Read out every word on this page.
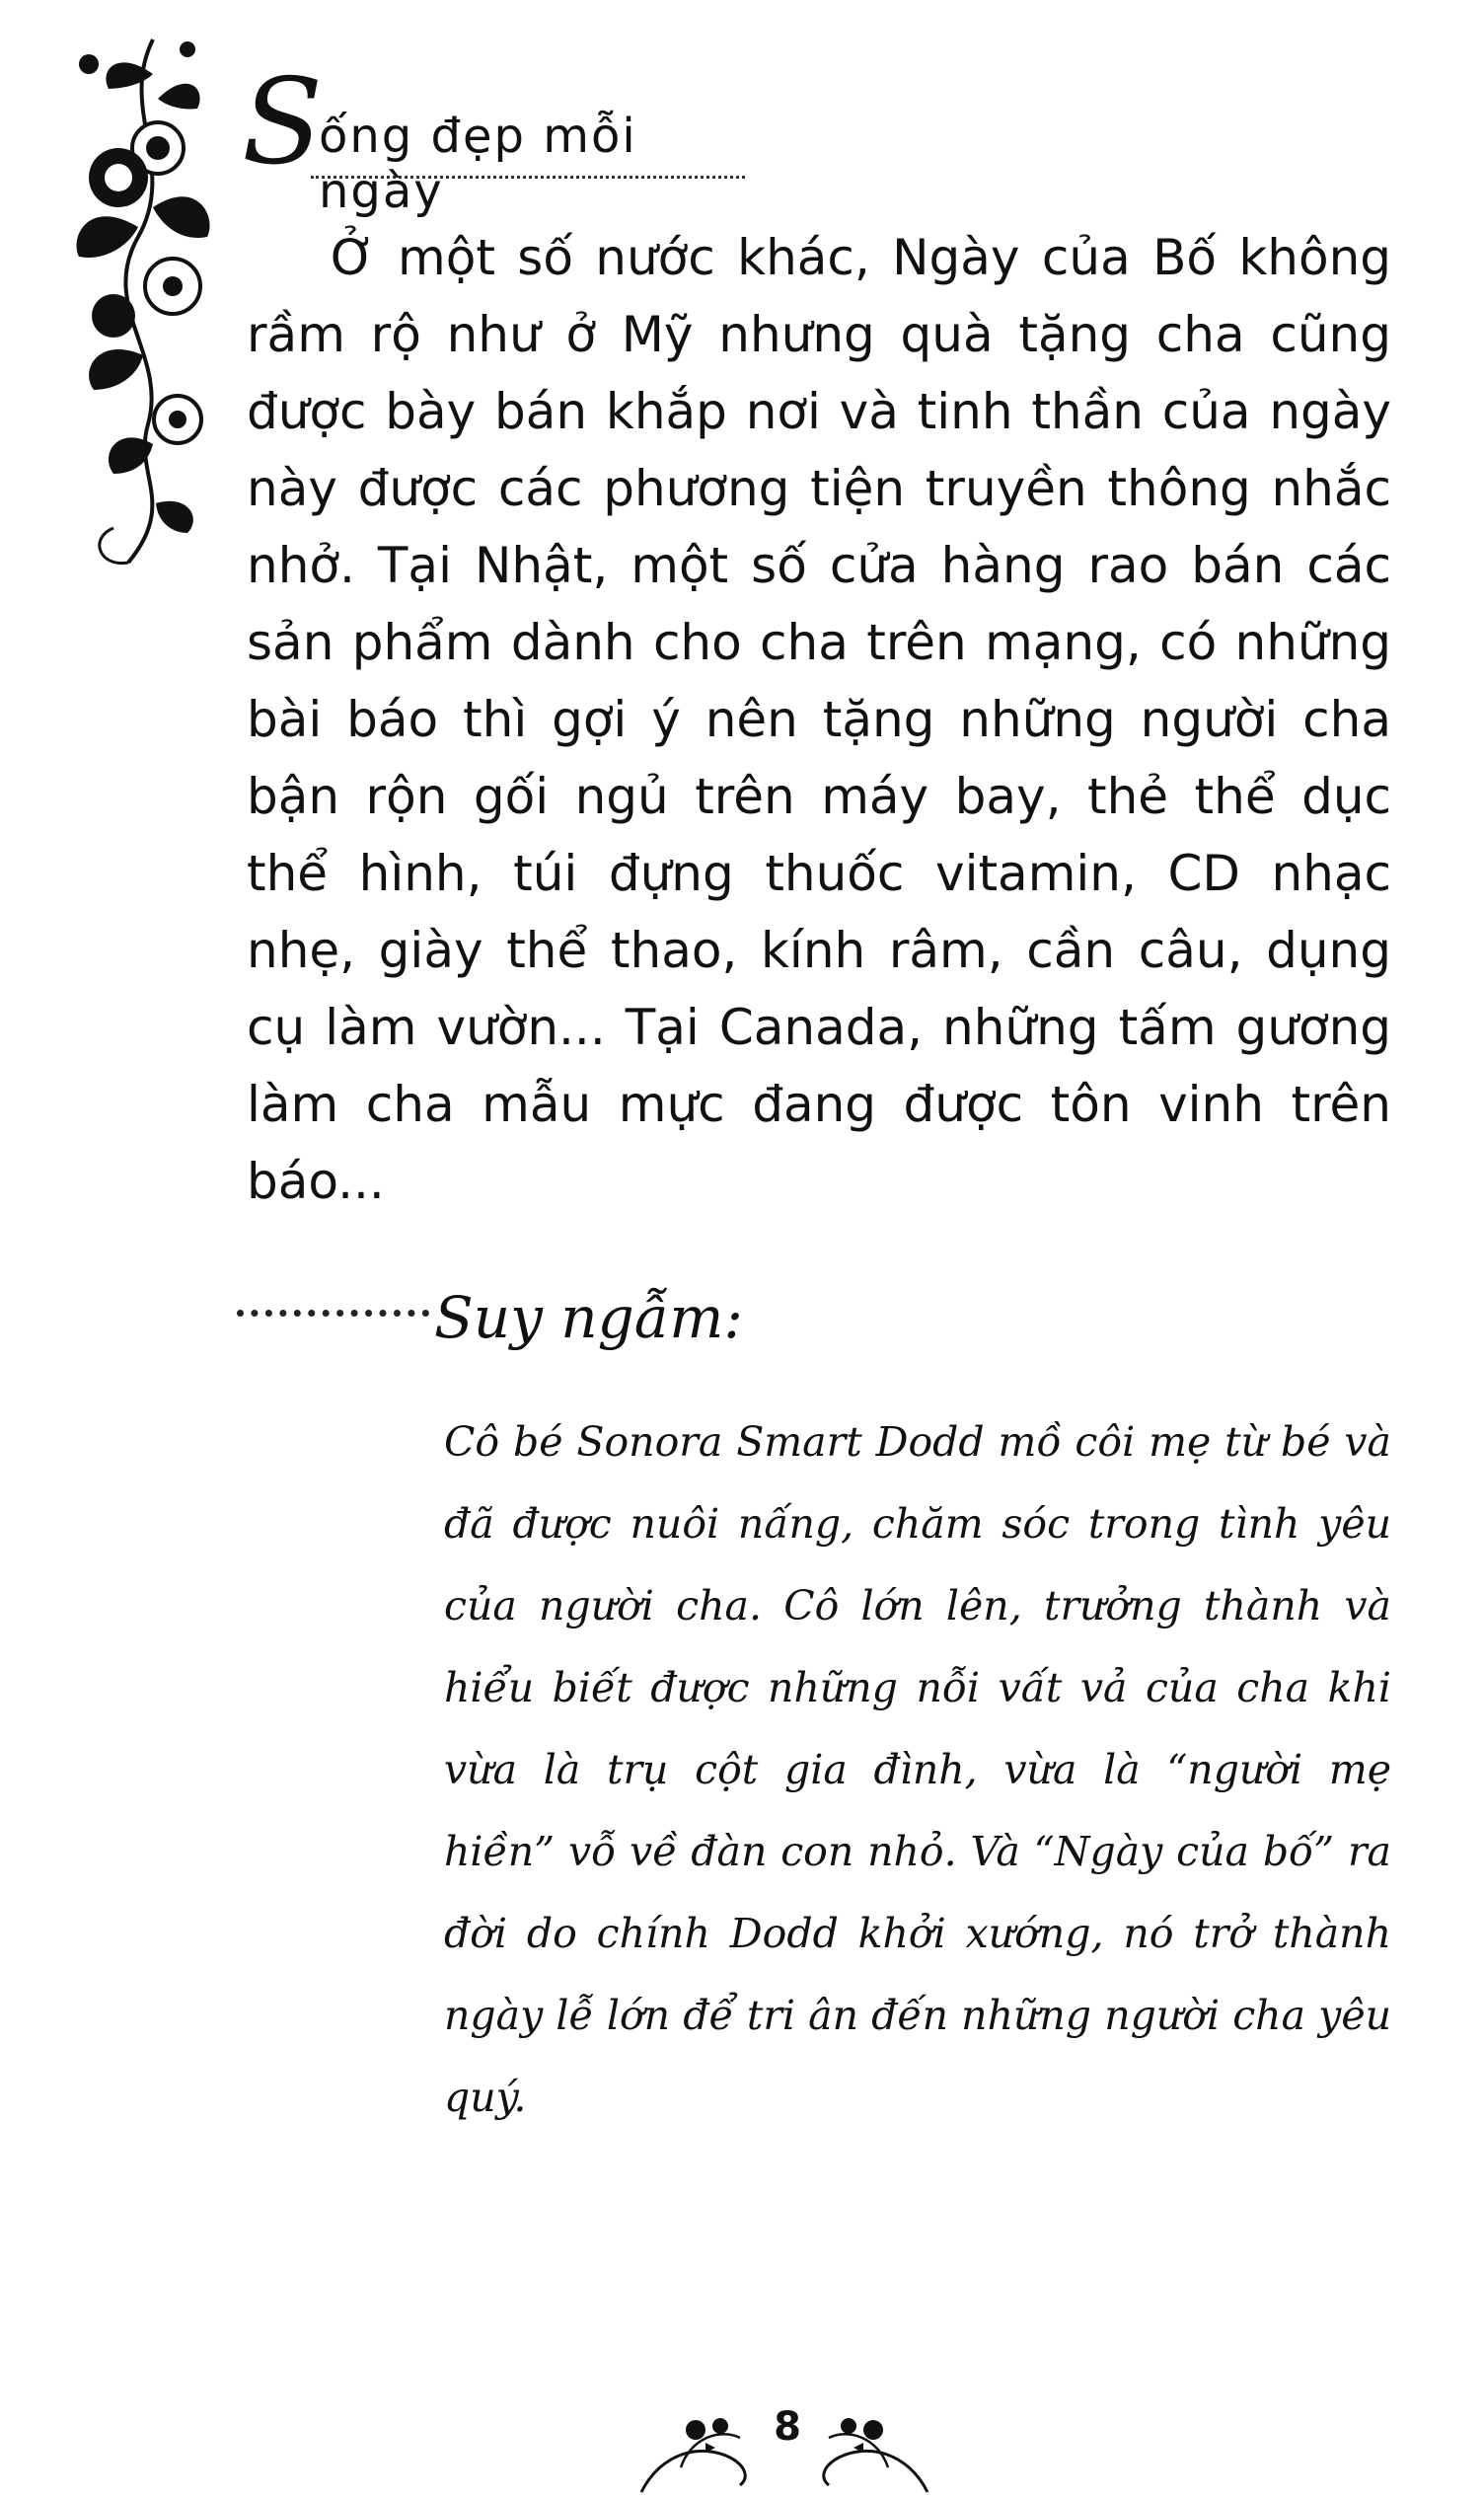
S
ống đẹp mỗi ngày

Ở một số nước khác, Ngày của Bố không rầm rộ như ở Mỹ nhưng quà tặng cha cũng được bày bán khắp nơi và tinh thần của ngày này được các phương tiện truyền thông nhắc nhở. Tại Nhật, một số cửa hàng rao bán các sản phẩm dành cho cha trên mạng, có những bài báo thì gợi ý nên tặng những người cha bận rộn gối ngủ trên máy bay, thẻ thể dục thể hình, túi đựng thuốc vitamin, CD nhạc nhẹ, giày thể thao, kính râm, cần câu, dụng cụ làm vườn... Tại Canada, những tấm gương làm cha mẫu mực đang được tôn vinh trên báo...

Suy ngẫm:

Cô bé Sonora Smart Dodd mồ côi mẹ từ bé và đã được nuôi nấng, chăm sóc trong tình yêu của người cha. Cô lớn lên, trưởng thành và hiểu biết được những nỗi vất vả của cha khi vừa là trụ cột gia đình, vừa là “người mẹ hiền” vỗ về đàn con nhỏ. Và “Ngày của bố” ra đời do chính Dodd khởi xướng, nó trở thành ngày lễ lớn để tri ân đến những người cha yêu quý.

8
